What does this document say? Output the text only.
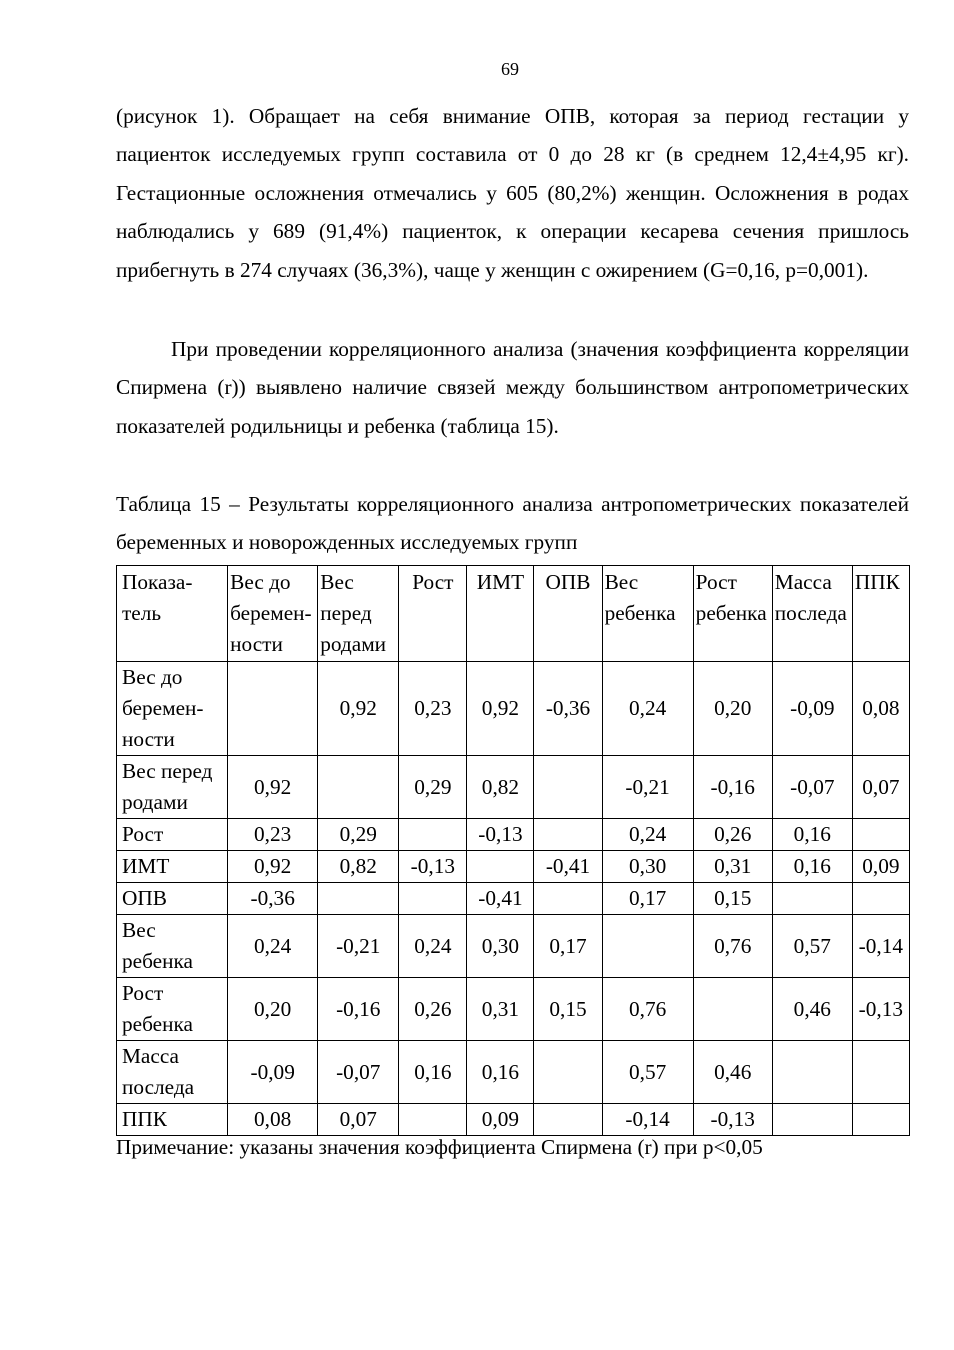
69

(рисунок 1). Обращает на себя внимание ОПВ, которая за период гестации у пациенток исследуемых групп составила от 0 до 28 кг (в среднем 12,4±4,95 кг). Гестационные осложнения отмечались у 605 (80,2%) женщин. Осложнения в родах наблюдались у 689 (91,4%) пациенток, к операции кесарева сечения пришлось прибегнуть в 274 случаях (36,3%), чаще у женщин с ожирением (G=0,16, p=0,001).

При проведении корреляционного анализа (значения коэффициента корреляции Спирмена (r)) выявлено наличие связей между большинством антропометрических показателей родильницы и ребенка (таблица 15).

Таблица 15 – Результаты корреляционного анализа антропометрических показателей беременных и новорожденных исследуемых групп

Показа-тель	Вес до беремен-ности	Вес перед родами	Рост	ИМТ	ОПВ	Вес ребенка	Рост ребенка	Масса последа	ППК
Вес до беремен-ности		0,92	0,23	0,92	-0,36	0,24	0,20	-0,09	0,08
Вес перед родами	0,92		0,29	0,82		-0,21	-0,16	-0,07	0,07
Рост	0,23	0,29		-0,13		0,24	0,26	0,16	
ИМТ	0,92	0,82	-0,13		-0,41	0,30	0,31	0,16	0,09
ОПВ	-0,36			-0,41		0,17	0,15		
Вес ребенка	0,24	-0,21	0,24	0,30	0,17		0,76	0,57	-0,14
Рост ребенка	0,20	-0,16	0,26	0,31	0,15	0,76		0,46	-0,13
Масса последа	-0,09	-0,07	0,16	0,16		0,57	0,46		
ППК	0,08	0,07		0,09		-0,14	-0,13		

Примечание: указаны значения коэффициента Спирмена (r) при p<0,05
